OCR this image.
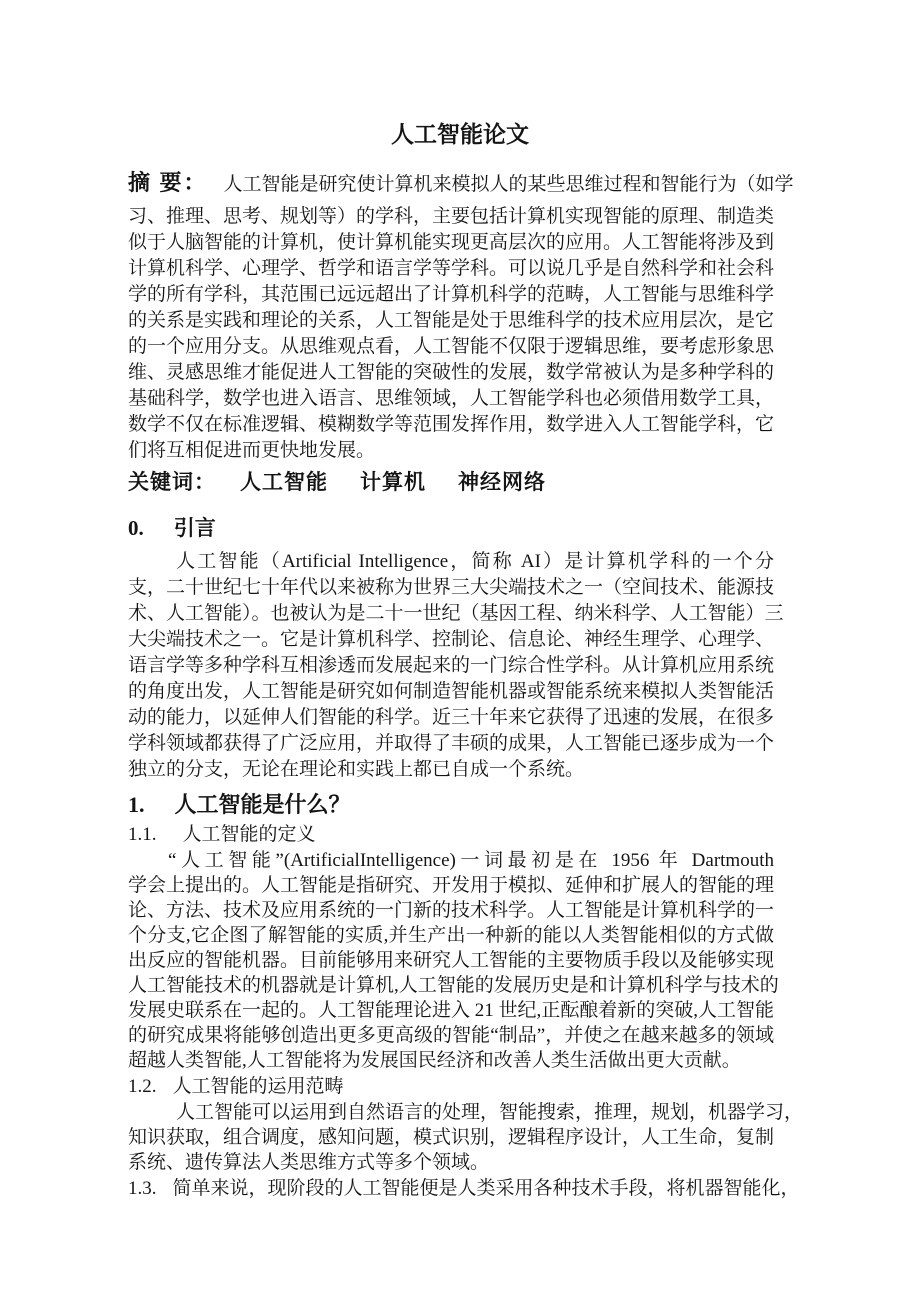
人工智能论文
摘 要： 人工智能是研究使计算机来模拟人的某些思维过程和智能行为（如学
习、推理、思考、规划等）的学科，主要包括计算机实现智能的原理、制造类
似于人脑智能的计算机，使计算机能实现更高层次的应用。人工智能将涉及到
计算机科学、心理学、哲学和语言学等学科。可以说几乎是自然科学和社会科
学的所有学科，其范围已远远超出了计算机科学的范畴，人工智能与思维科学
的关系是实践和理论的关系，人工智能是处于思维科学的技术应用层次，是它
的一个应用分支。从思维观点看，人工智能不仅限于逻辑思维，要考虑形象思
维、灵感思维才能促进人工智能的突破性的发展，数学常被认为是多种学科的
基础科学，数学也进入语言、思维领域，人工智能学科也必须借用数学工具，
数学不仅在标准逻辑、模糊数学等范围发挥作用，数学进入人工智能学科，它
们将互相促进而更快地发展。
关键词： 人工智能 计算机 神经网络
0. 引言
人工智能（Artificial Intelligence，简称 AI）是计算机学科的一个分
支，二十世纪七十年代以来被称为世界三大尖端技术之一（空间技术、能源技
术、人工智能）。也被认为是二十一世纪（基因工程、纳米科学、人工智能）三
大尖端技术之一。它是计算机科学、控制论、信息论、神经生理学、心理学、
语言学等多种学科互相渗透而发展起来的一门综合性学科。从计算机应用系统
的角度出发，人工智能是研究如何制造智能机器或智能系统来模拟人类智能活
动的能力，以延伸人们智能的科学。近三十年来它获得了迅速的发展，在很多
学科领域都获得了广泛应用，并取得了丰硕的成果，人工智能已逐步成为一个
独立的分支，无论在理论和实践上都已自成一个系统。
1. 人工智能是什么？
1.1. 人工智能的定义
“人工智能”(ArtificialIntelligence)一词最初是在 1956 年 Dartmouth
学会上提出的。人工智能是指研究、开发用于模拟、延伸和扩展人的智能的理
论、方法、技术及应用系统的一门新的技术科学。人工智能是计算机科学的一
个分支,它企图了解智能的实质,并生产出一种新的能以人类智能相似的方式做
出反应的智能机器。目前能够用来研究人工智能的主要物质手段以及能够实现
人工智能技术的机器就是计算机,人工智能的发展历史是和计算机科学与技术的
发展史联系在一起的。人工智能理论进入 21 世纪,正酝酿着新的突破,人工智能
的研究成果将能够创造出更多更高级的智能“制品”，并使之在越来越多的领域
超越人类智能,人工智能将为发展国民经济和改善人类生活做出更大贡献。
1.2. 人工智能的运用范畴
人工智能可以运用到自然语言的处理，智能搜索，推理，规划，机器学习，
知识获取，组合调度，感知问题，模式识别，逻辑程序设计，人工生命，复制
系统、遗传算法人类思维方式等多个领域。
1.3. 简单来说，现阶段的人工智能便是人类采用各种技术手段，将机器智能化，
